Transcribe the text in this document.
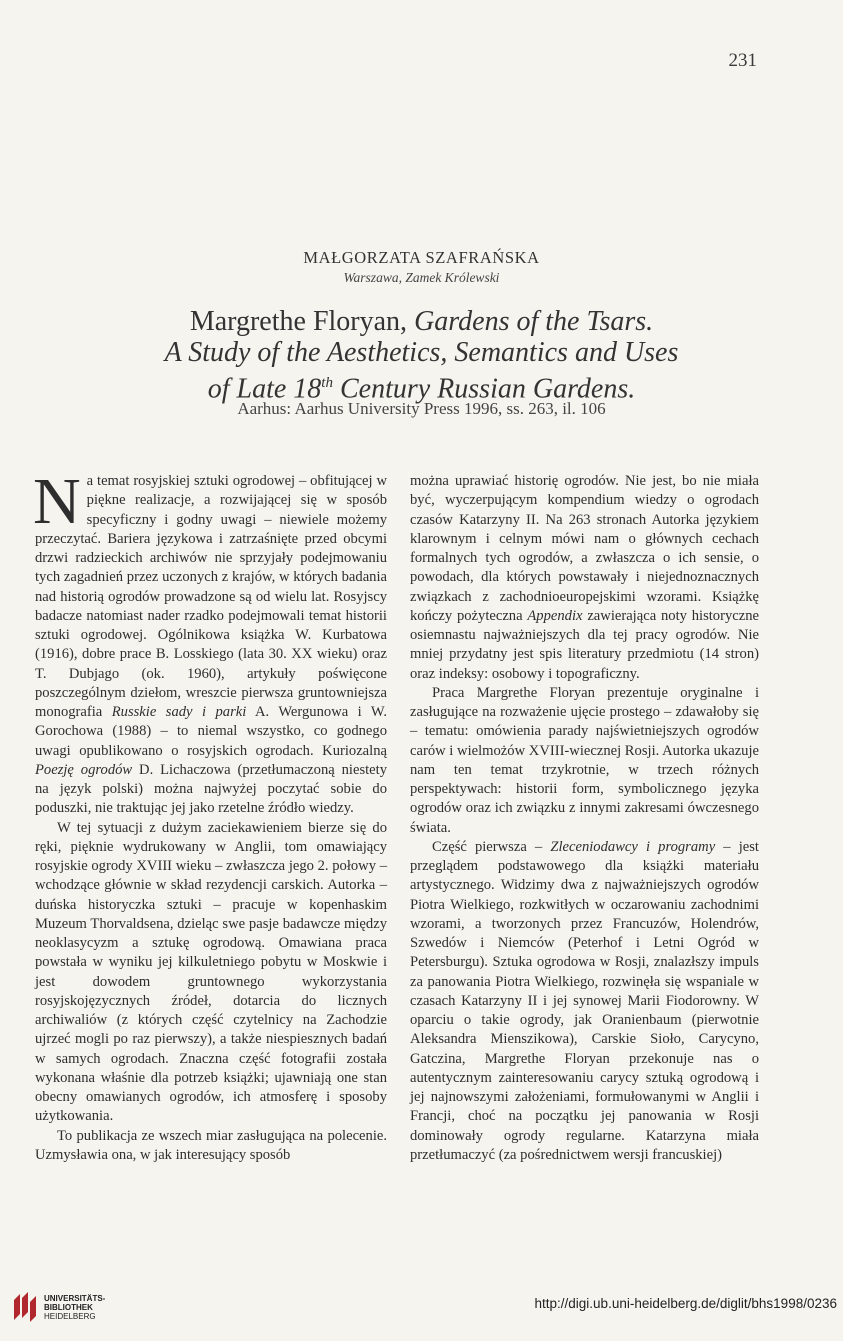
231
MAŁGORZATA SZAFRAŃSKA
Warszawa, Zamek Królewski
Margrethe Floryan, Gardens of the Tsars.
A Study of the Aesthetics, Semantics and Uses
of Late 18th Century Russian Gardens.
Aarhus: Aarhus University Press 1996, ss. 263, il. 106

Na temat rosyjskiej sztuki ogrodowej – obfitującej w piękne realizacje, a rozwijającej się w sposób specyficzny i godny uwagi – niewiele możemy przeczytać. Bariera językowa i zatrzaśnięte przed obcymi drzwi radzieckich archiwów nie sprzyjały podejmowaniu tych zagadnień przez uczonych z krajów, w których badania nad historią ogrodów prowadzone są od wielu lat. Rosyjscy badacze natomiast nader rzadko podejmowali temat historii sztuki ogrodowej. Ogólnikowa książka W. Kurbatowa (1916), dobre prace B. Losskiego (lata 30. XX wieku) oraz T. Dubjago (ok. 1960), artykuły poświęcone poszczególnym dziełom, wreszcie pierwsza gruntowniejsza monografia Russkie sady i parki A. Wergunowa i W. Gorochowa (1988) – to niemal wszystko, co godnego uwagi opublikowano o rosyjskich ogrodach. Kuriozalną Poezję ogrodów D. Lichaczowa (przetłumaczoną niestety na język polski) można najwyżej poczytać sobie do poduszki, nie traktując jej jako rzetelne źródło wiedzy.

W tej sytuacji z dużym zaciekawieniem bierze się do ręki, pięknie wydrukowany w Anglii, tom omawiający rosyjskie ogrody XVIII wieku – zwłaszcza jego 2. połowy – wchodzące głównie w skład rezydencji carskich. Autorka – duńska historyczka sztuki – pracuje w kopenhaskim Muzeum Thorvaldsena, dzieląc swe pasje badawcze między neoklasycyzm a sztukę ogrodową. Omawiana praca powstała w wyniku jej kilkuletniego pobytu w Moskwie i jest dowodem gruntownego wykorzystania rosyjskojęzycznych źródeł, dotarcia do licznych archiwaliów (z których część czytelnicy na Zachodzie ujrzeć mogli po raz pierwszy), a także niespiesznych badań w samych ogrodach. Znaczna część fotografii została wykonana właśnie dla potrzeb książki; ujawniają one stan obecny omawianych ogrodów, ich atmosferę i sposoby użytkowania.

To publikacja ze wszech miar zasługująca na polecenie. Uzmysławia ona, w jak interesujący sposób

można uprawiać historię ogrodów. Nie jest, bo nie miała być, wyczerpującym kompendium wiedzy o ogrodach czasów Katarzyny II. Na 263 stronach Autorka językiem klarownym i celnym mówi nam o głównych cechach formalnych tych ogrodów, a zwłaszcza o ich sensie, o powodach, dla których powstawały i niejednoznacznych związkach z zachodnioeuropejskimi wzorami. Książkę kończy pożyteczna Appendix zawierająca noty historyczne osiemnastu najważniejszych dla tej pracy ogrodów. Nie mniej przydatny jest spis literatury przedmiotu (14 stron) oraz indeksy: osobowy i topograficzny.

Praca Margrethe Floryan prezentuje oryginalne i zasługujące na rozważenie ujęcie prostego – zdawałoby się – tematu: omówienia parady najświetniejszych ogrodów carów i wielmożów XVIII-wiecznej Rosji. Autorka ukazuje nam ten temat trzykrotnie, w trzech różnych perspektywach: historii form, symbolicznego języka ogrodów oraz ich związku z innymi zakresami ówczesnego świata.

Część pierwsza – Zleceniodawcy i programy – jest przeglądem podstawowego dla książki materiału artystycznego. Widzimy dwa z najważniejszych ogrodów Piotra Wielkiego, rozkwitłych w oczarowaniu zachodnimi wzorami, a tworzonych przez Francuzów, Holendrów, Szwedów i Niemców (Peterhof i Letni Ogród w Petersburgu). Sztuka ogrodowa w Rosji, znalazłszy impuls za panowania Piotra Wielkiego, rozwinęła się wspaniale w czasach Katarzyny II i jej synowej Marii Fiodorowny. W oparciu o takie ogrody, jak Oranienbaum (pierwotnie Aleksandra Mienszikowa), Carskie Sioło, Carycyno, Gatczina, Margrethe Floryan przekonuje nas o autentycznym zainteresowaniu carycy sztuką ogrodową i jej najnowszymi założeniami, formułowanymi w Anglii i Francji, choć na początku jej panowania w Rosji dominowały ogrody regularne. Katarzyna miała przetłumaczyć (za pośrednictwem wersji francuskiej)

UNIVERSITÄTS-
BIBLIOTHEK
HEIDELBERG
http://digi.ub.uni-heidelberg.de/diglit/bhs1998/0236
